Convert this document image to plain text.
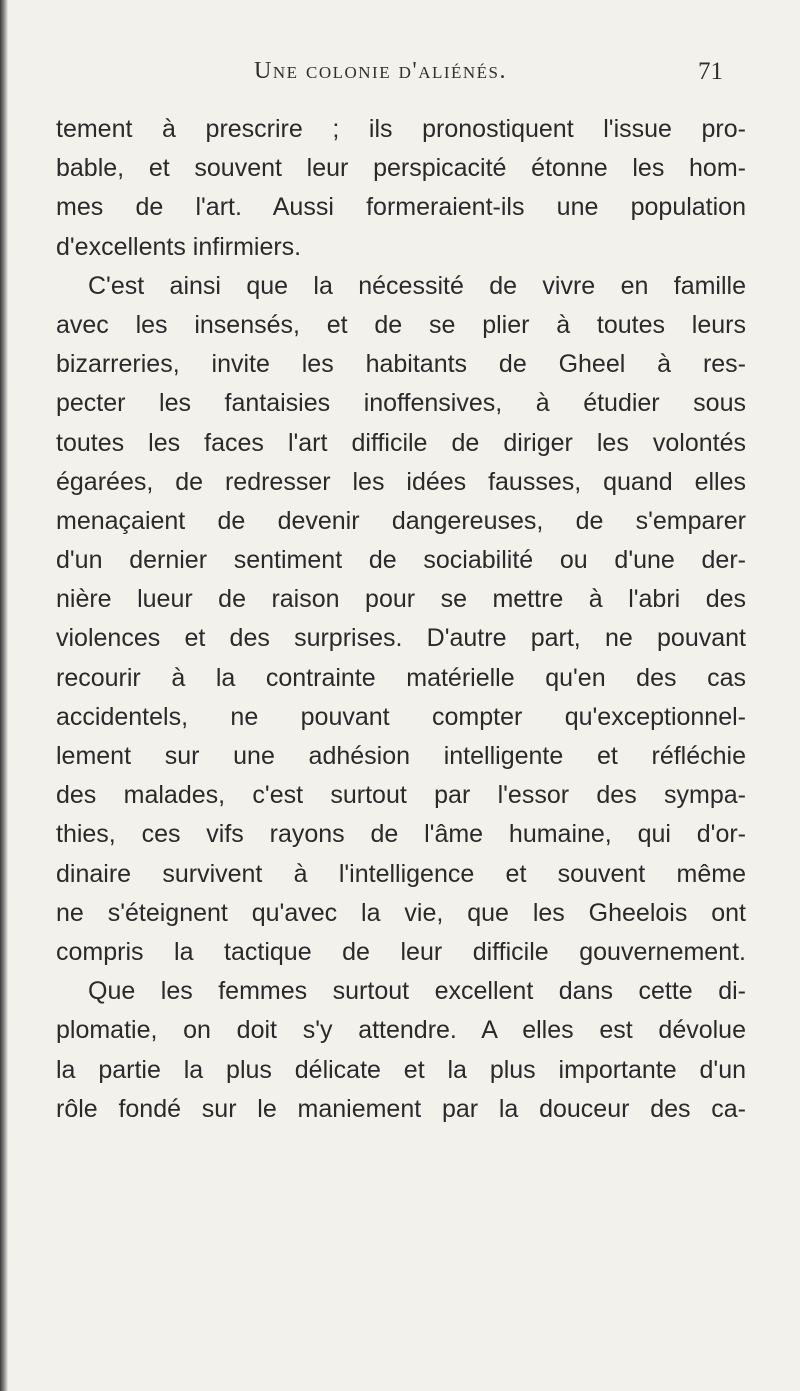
Une colonie d'aliénés.	71
tement à prescrire ; ils pronostiquent l'issue pro-
bable, et souvent leur perspicacité étonne les hom-
mes de l'art. Aussi formeraient-ils une population
d'excellents infirmiers.
C'est ainsi que la nécessité de vivre en famille
avec les insensés, et de se plier à toutes leurs
bizarreries, invite les habitants de Gheel à res-
pecter les fantaisies inoffensives, à étudier sous
toutes les faces l'art difficile de diriger les volontés
égarées, de redresser les idées fausses, quand elles
menaçaient de devenir dangereuses, de s'emparer
d'un dernier sentiment de sociabilité ou d'une der-
nière lueur de raison pour se mettre à l'abri des
violences et des surprises. D'autre part, ne pouvant
recourir à la contrainte matérielle qu'en des cas
accidentels, ne pouvant compter qu'exceptionnel-
lement sur une adhésion intelligente et réfléchie
des malades, c'est surtout par l'essor des sympa-
thies, ces vifs rayons de l'âme humaine, qui d'or-
dinaire survivent à l'intelligence et souvent même
ne s'éteignent qu'avec la vie, que les Gheelois ont
compris la tactique de leur difficile gouvernement.
Que les femmes surtout excellent dans cette di-
plomatie, on doit s'y attendre. A elles est dévolue
la partie la plus délicate et la plus importante d'un
rôle fondé sur le maniement par la douceur des ca-
